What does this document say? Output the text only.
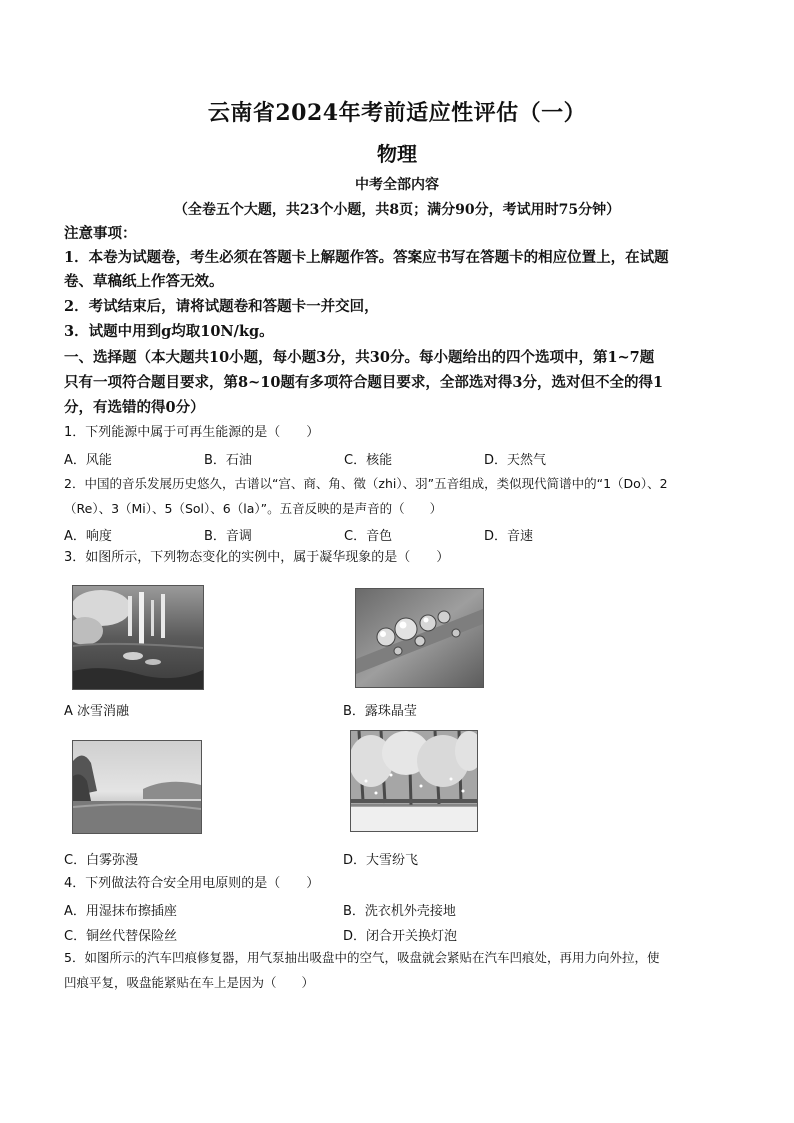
云南省2024年考前适应性评估（一）
物理
中考全部内容
（全卷五个大题，共23个小题，共8页；满分90分，考试用时75分钟）
注意事项：
1．本卷为试题卷，考生必须在答题卡上解题作答。答案应书写在答题卡的相应位置上，在试题
卷、草稿纸上作答无效。
2．考试结束后，请将试题卷和答题卡一并交回，
3．试题中用到g均取10N/kg。
一、选择题（本大题共10小题，每小题3分，共30分。每小题给出的四个选项中，第1~7题
只有一项符合题目要求，第8~10题有多项符合题目要求，全部选对得3分，选对但不全的得1
分，有选错的得0分）
1．下列能源中属于可再生能源的是（　　）
A．风能	B．石油	C．核能	D．天然气
2．中国的音乐发展历史悠久，古谱以“宫、商、角、徵（zhi）、羽”五音组成，类似现代简谱中的“1（Do）、2
（Re）、3（Mi）、5（Sol）、6（la）”。五音反映的是声音的（　　）
A．响度	B．音调	C．音色	D．音速
3．如图所示，下列物态变化的实例中，属于凝华现象的是（　　）
A 冰雪消融	B．露珠晶莹
C．白雾弥漫	D．大雪纷飞
4．下列做法符合安全用电原则的是（　　）
A．用湿抹布擦插座	B．洗衣机外壳接地
C．铜丝代替保险丝	D．闭合开关换灯泡
5．如图所示的汽车凹痕修复器，用气泵抽出吸盘中的空气，吸盘就会紧贴在汽车凹痕处，再用力向外拉，使
凹痕平复，吸盘能紧贴在车上是因为（　　）
